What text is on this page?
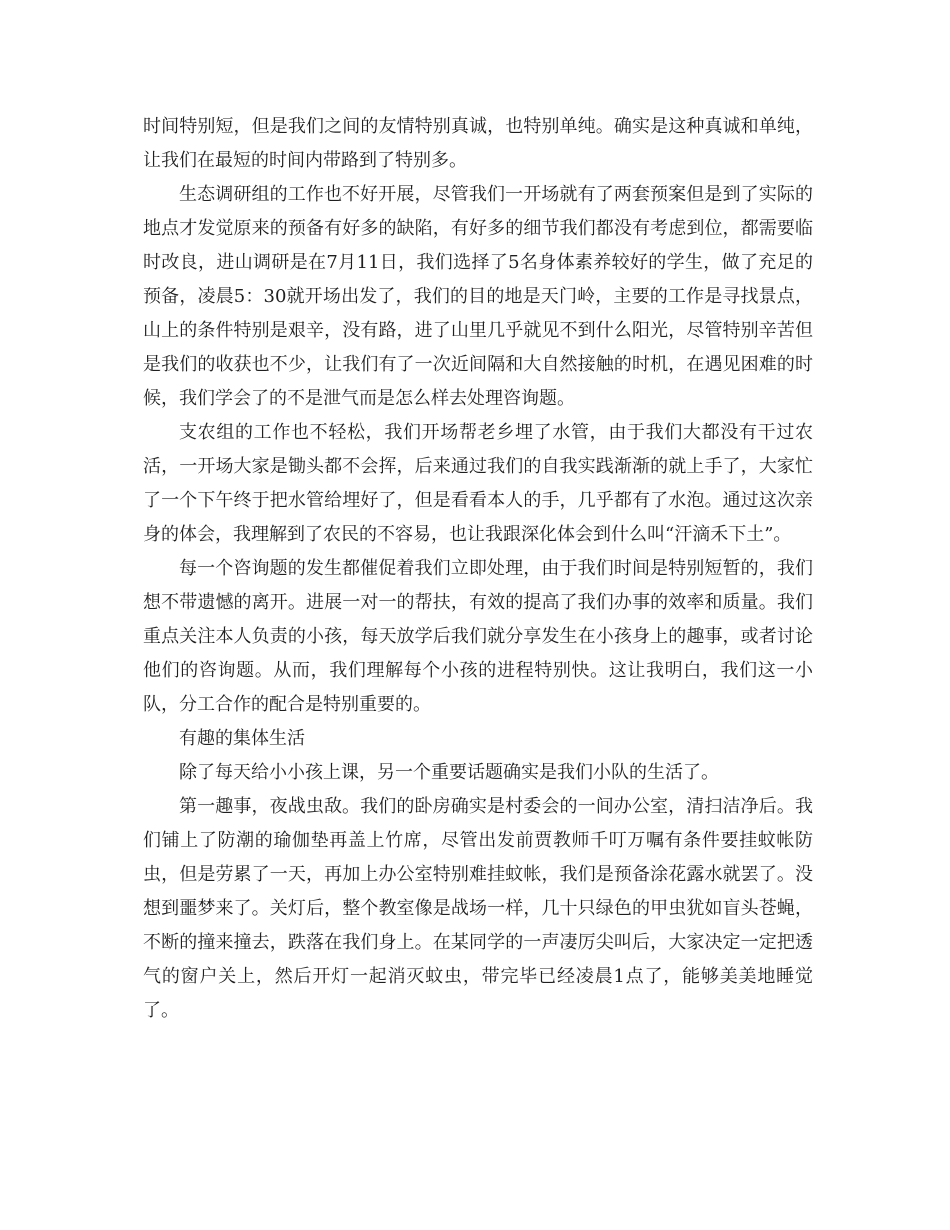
时间特别短，但是我们之间的友情特别真诚，也特别单纯。确实是这种真诚和单纯，让我们在最短的时间内带路到了特别多。

生态调研组的工作也不好开展，尽管我们一开场就有了两套预案但是到了实际的地点才发觉原来的预备有好多的缺陷，有好多的细节我们都没有考虑到位，都需要临时改良，进山调研是在7月11日，我们选择了5名身体素养较好的学生，做了充足的预备，凌晨5：30就开场出发了，我们的目的地是天门岭，主要的工作是寻找景点，山上的条件特别是艰辛，没有路，进了山里几乎就见不到什么阳光，尽管特别辛苦但是我们的收获也不少，让我们有了一次近间隔和大自然接触的时机，在遇见困难的时候，我们学会了的不是泄气而是怎么样去处理咨询题。

支农组的工作也不轻松，我们开场帮老乡埋了水管，由于我们大都没有干过农活，一开场大家是锄头都不会挥，后来通过我们的自我实践渐渐的就上手了，大家忙了一个下午终于把水管给埋好了，但是看看本人的手，几乎都有了水泡。通过这次亲身的体会，我理解到了农民的不容易，也让我跟深化体会到什么叫“汗滴禾下土”。

每一个咨询题的发生都催促着我们立即处理，由于我们时间是特别短暂的，我们想不带遗憾的离开。进展一对一的帮扶，有效的提高了我们办事的效率和质量。我们重点关注本人负责的小孩，每天放学后我们就分享发生在小孩身上的趣事，或者讨论他们的咨询题。从而，我们理解每个小孩的进程特别快。这让我明白，我们这一小队，分工合作的配合是特别重要的。

有趣的集体生活

除了每天给小小孩上课，另一个重要话题确实是我们小队的生活了。

第一趣事，夜战虫敌。我们的卧房确实是村委会的一间办公室，清扫洁净后。我们铺上了防潮的瑜伽垫再盖上竹席，尽管出发前贾教师千叮万嘱有条件要挂蚊帐防虫，但是劳累了一天，再加上办公室特别难挂蚊帐，我们是预备涂花露水就罢了。没想到噩梦来了。关灯后，整个教室像是战场一样，几十只绿色的甲虫犹如盲头苍蝇，不断的撞来撞去，跌落在我们身上。在某同学的一声凄厉尖叫后，大家决定一定把透气的窗户关上，然后开灯一起消灭蚊虫，带完毕已经凌晨1点了，能够美美地睡觉了。
